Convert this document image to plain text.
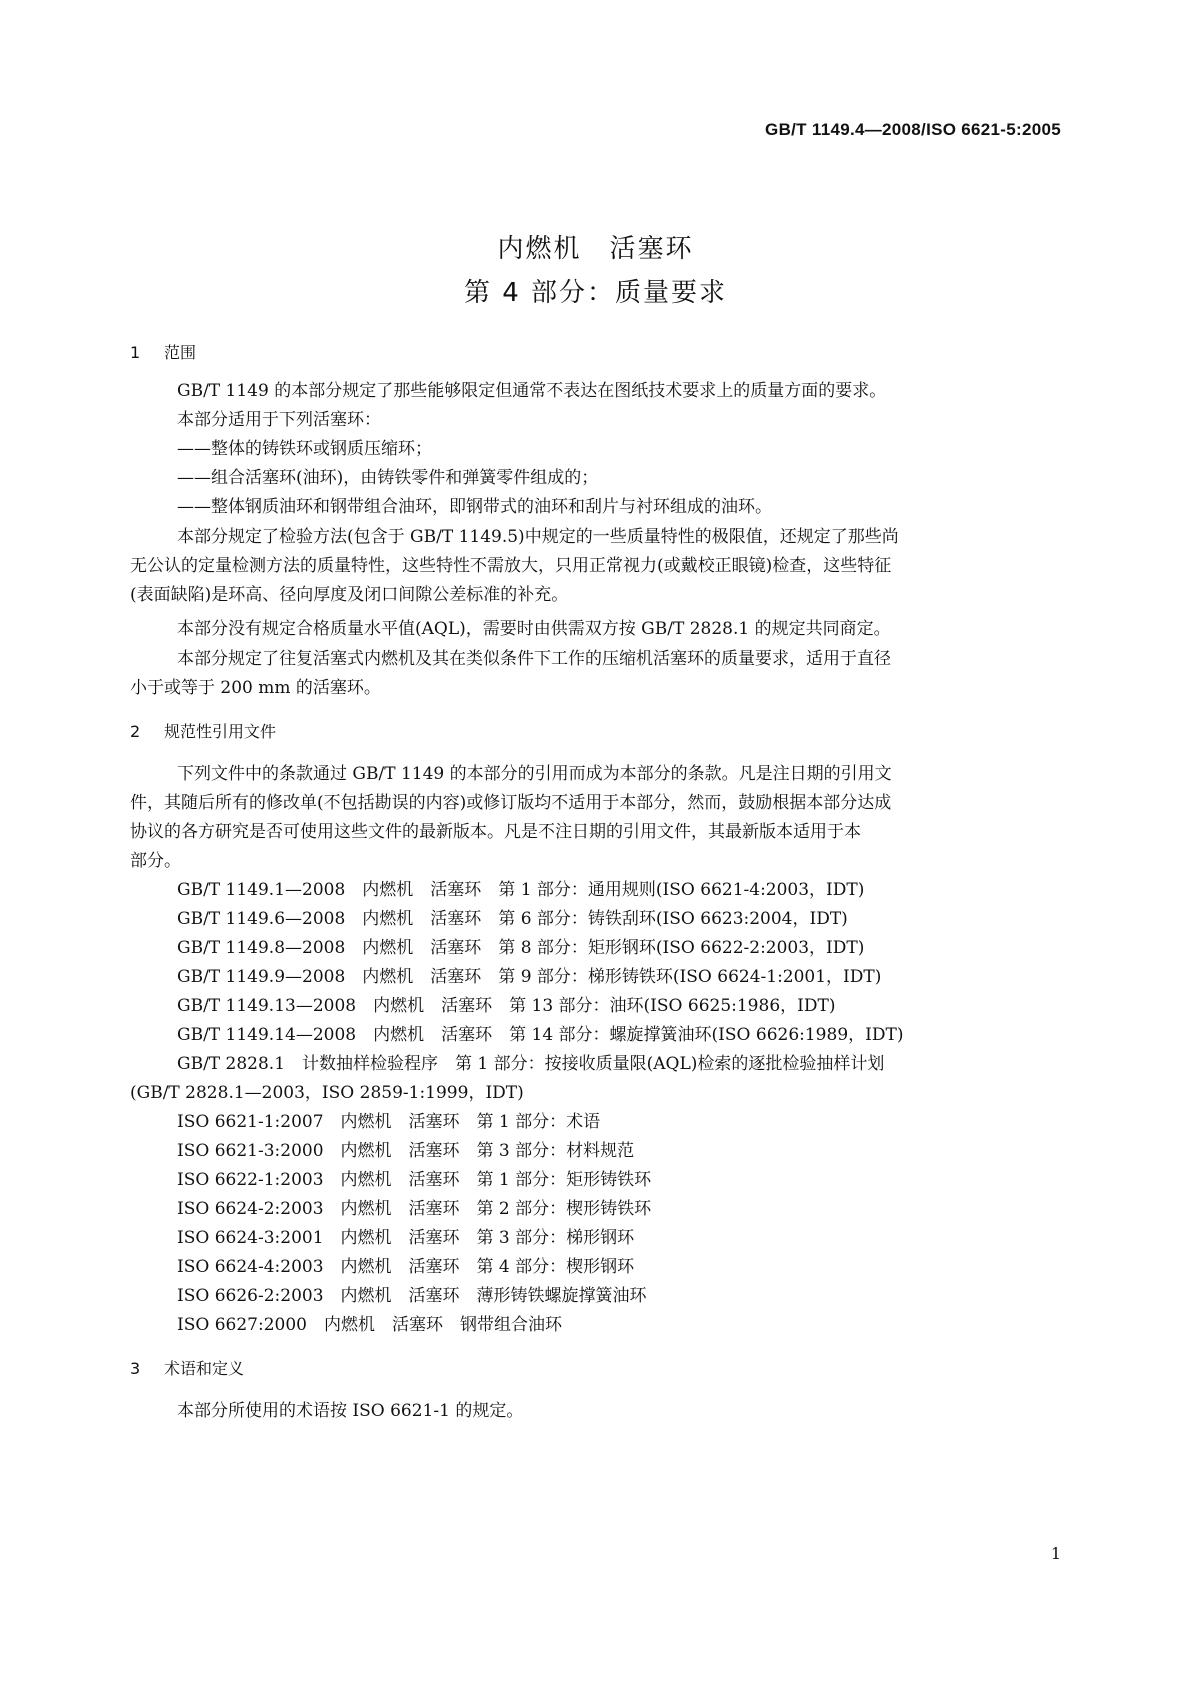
GB/T 1149.4—2008/ISO 6621-5:2005
内燃机　活塞环
第 4 部分：质量要求
1 范围
GB/T 1149 的本部分规定了那些能够限定但通常不表达在图纸技术要求上的质量方面的要求。
本部分适用于下列活塞环：
——整体的铸铁环或钢质压缩环；
——组合活塞环(油环)，由铸铁零件和弹簧零件组成的；
——整体钢质油环和钢带组合油环，即钢带式的油环和刮片与衬环组成的油环。
本部分规定了检验方法(包含于 GB/T 1149.5)中规定的一些质量特性的极限值，还规定了那些尚
无公认的定量检测方法的质量特性，这些特性不需放大，只用正常视力(或戴校正眼镜)检查，这些特征
(表面缺陷)是环高、径向厚度及闭口间隙公差标准的补充。
本部分没有规定合格质量水平值(AQL)，需要时由供需双方按 GB/T 2828.1 的规定共同商定。
本部分规定了往复活塞式内燃机及其在类似条件下工作的压缩机活塞环的质量要求，适用于直径
小于或等于 200 mm 的活塞环。
2 规范性引用文件
下列文件中的条款通过 GB/T 1149 的本部分的引用而成为本部分的条款。凡是注日期的引用文
件，其随后所有的修改单(不包括勘误的内容)或修订版均不适用于本部分，然而，鼓励根据本部分达成
协议的各方研究是否可使用这些文件的最新版本。凡是不注日期的引用文件，其最新版本适用于本
部分。
GB/T 1149.1—2008　内燃机　活塞环　第 1 部分：通用规则(ISO 6621-4:2003，IDT)
GB/T 1149.6—2008　内燃机　活塞环　第 6 部分：铸铁刮环(ISO 6623:2004，IDT)
GB/T 1149.8—2008　内燃机　活塞环　第 8 部分：矩形钢环(ISO 6622-2:2003，IDT)
GB/T 1149.9—2008　内燃机　活塞环　第 9 部分：梯形铸铁环(ISO 6624-1:2001，IDT)
GB/T 1149.13—2008　内燃机　活塞环　第 13 部分：油环(ISO 6625:1986，IDT)
GB/T 1149.14—2008　内燃机　活塞环　第 14 部分：螺旋撑簧油环(ISO 6626:1989，IDT)
GB/T 2828.1　计数抽样检验程序　第 1 部分：按接收质量限(AQL)检索的逐批检验抽样计划
(GB/T 2828.1—2003，ISO 2859-1:1999，IDT)
ISO 6621-1:2007　内燃机　活塞环　第 1 部分：术语
ISO 6621-3:2000　内燃机　活塞环　第 3 部分：材料规范
ISO 6622-1:2003　内燃机　活塞环　第 1 部分：矩形铸铁环
ISO 6624-2:2003　内燃机　活塞环　第 2 部分：楔形铸铁环
ISO 6624-3:2001　内燃机　活塞环　第 3 部分：梯形钢环
ISO 6624-4:2003　内燃机　活塞环　第 4 部分：楔形钢环
ISO 6626-2:2003　内燃机　活塞环　薄形铸铁螺旋撑簧油环
ISO 6627:2000　内燃机　活塞环　钢带组合油环
3 术语和定义
本部分所使用的术语按 ISO 6621-1 的规定。
1
